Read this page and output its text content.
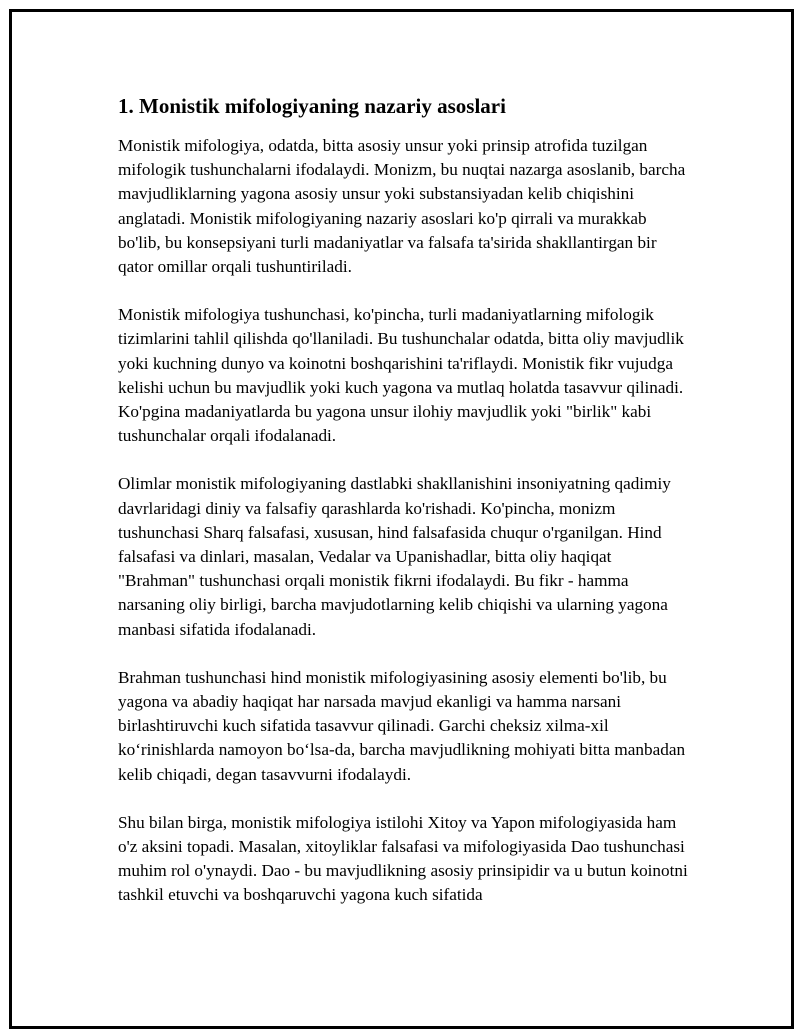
1. Monistik mifologiyaning nazariy asoslari

Monistik mifologiya, odatda, bitta asosiy unsur yoki prinsip atrofida tuzilgan mifologik tushunchalarni ifodalaydi. Monizm, bu nuqtai nazarga asoslanib, barcha mavjudliklarning yagona asosiy unsur yoki substansiyadan kelib chiqishini anglatadi. Monistik mifologiyaning nazariy asoslari ko'p qirrali va murakkab bo'lib, bu konsepsiyani turli madaniyatlar va falsafa ta'sirida shakllantirgan bir qator omillar orqali tushuntiriladi.

Monistik mifologiya tushunchasi, ko'pincha, turli madaniyatlarning mifologik tizimlarini tahlil qilishda qo'llaniladi. Bu tushunchalar odatda, bitta oliy mavjudlik yoki kuchning dunyo va koinotni boshqarishini ta'riflaydi. Monistik fikr vujudga kelishi uchun bu mavjudlik yoki kuch yagona va mutlaq holatda tasavvur qilinadi. Ko'pgina madaniyatlarda bu yagona unsur ilohiy mavjudlik yoki "birlik" kabi tushunchalar orqali ifodalanadi.

Olimlar monistik mifologiyaning dastlabki shakllanishini insoniyatning qadimiy davrlaridagi diniy va falsafiy qarashlarda ko'rishadi. Ko'pincha, monizm tushunchasi Sharq falsafasi, xususan, hind falsafasida chuqur o'rganilgan. Hind falsafasi va dinlari, masalan, Vedalar va Upanishadlar, bitta oliy haqiqat "Brahman" tushunchasi orqali monistik fikrni ifodalaydi. Bu fikr - hamma narsaning oliy birligi, barcha mavjudotlarning kelib chiqishi va ularning yagona manbasi sifatida ifodalanadi.

Brahman tushunchasi hind monistik mifologiyasining asosiy elementi bo'lib, bu yagona va abadiy haqiqat har narsada mavjud ekanligi va hamma narsani birlashtiruvchi kuch sifatida tasavvur qilinadi. Garchi cheksiz xilma-xil ko‘rinishlarda namoyon bo‘lsa-da, barcha mavjudlikning mohiyati bitta manbadan kelib chiqadi, degan tasavvurni ifodalaydi.

Shu bilan birga, monistik mifologiya istilohi Xitoy va Yapon mifologiyasida ham o'z aksini topadi. Masalan, xitoyliklar falsafasi va mifologiyasida Dao tushunchasi muhim rol o'ynaydi. Dao - bu mavjudlikning asosiy prinsipidir va u butun koinotni tashkil etuvchi va boshqaruvchi yagona kuch sifatida
